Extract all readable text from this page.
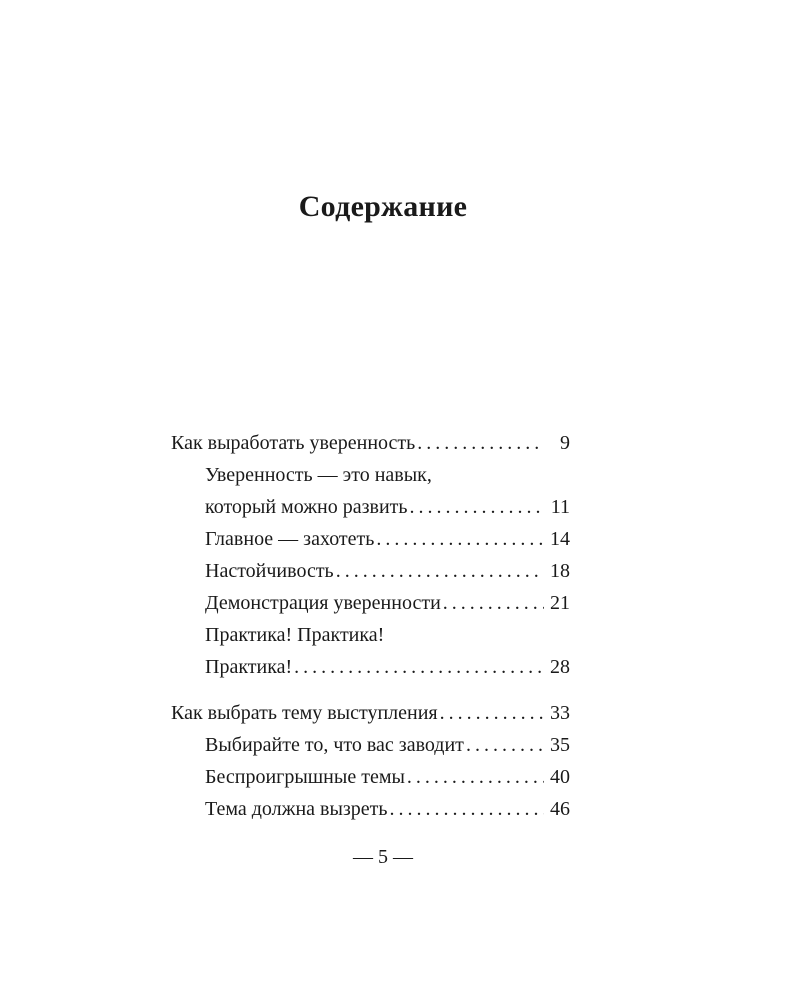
Содержание
Как выработать уверенность . . .	9
Уверенность — это навык,
который можно развить . . .	11
Главное — захотеть . . .	14
Настойчивость . . .	18
Демонстрация уверенности . . .	21
Практика! Практика!
Практика! . . .	28
Как выбрать тему выступления . . .	33
Выбирайте то, что вас заводит . . .	35
Беспроигрышные темы . . .	40
Тема должна вызреть . . .	46
— 5 —
